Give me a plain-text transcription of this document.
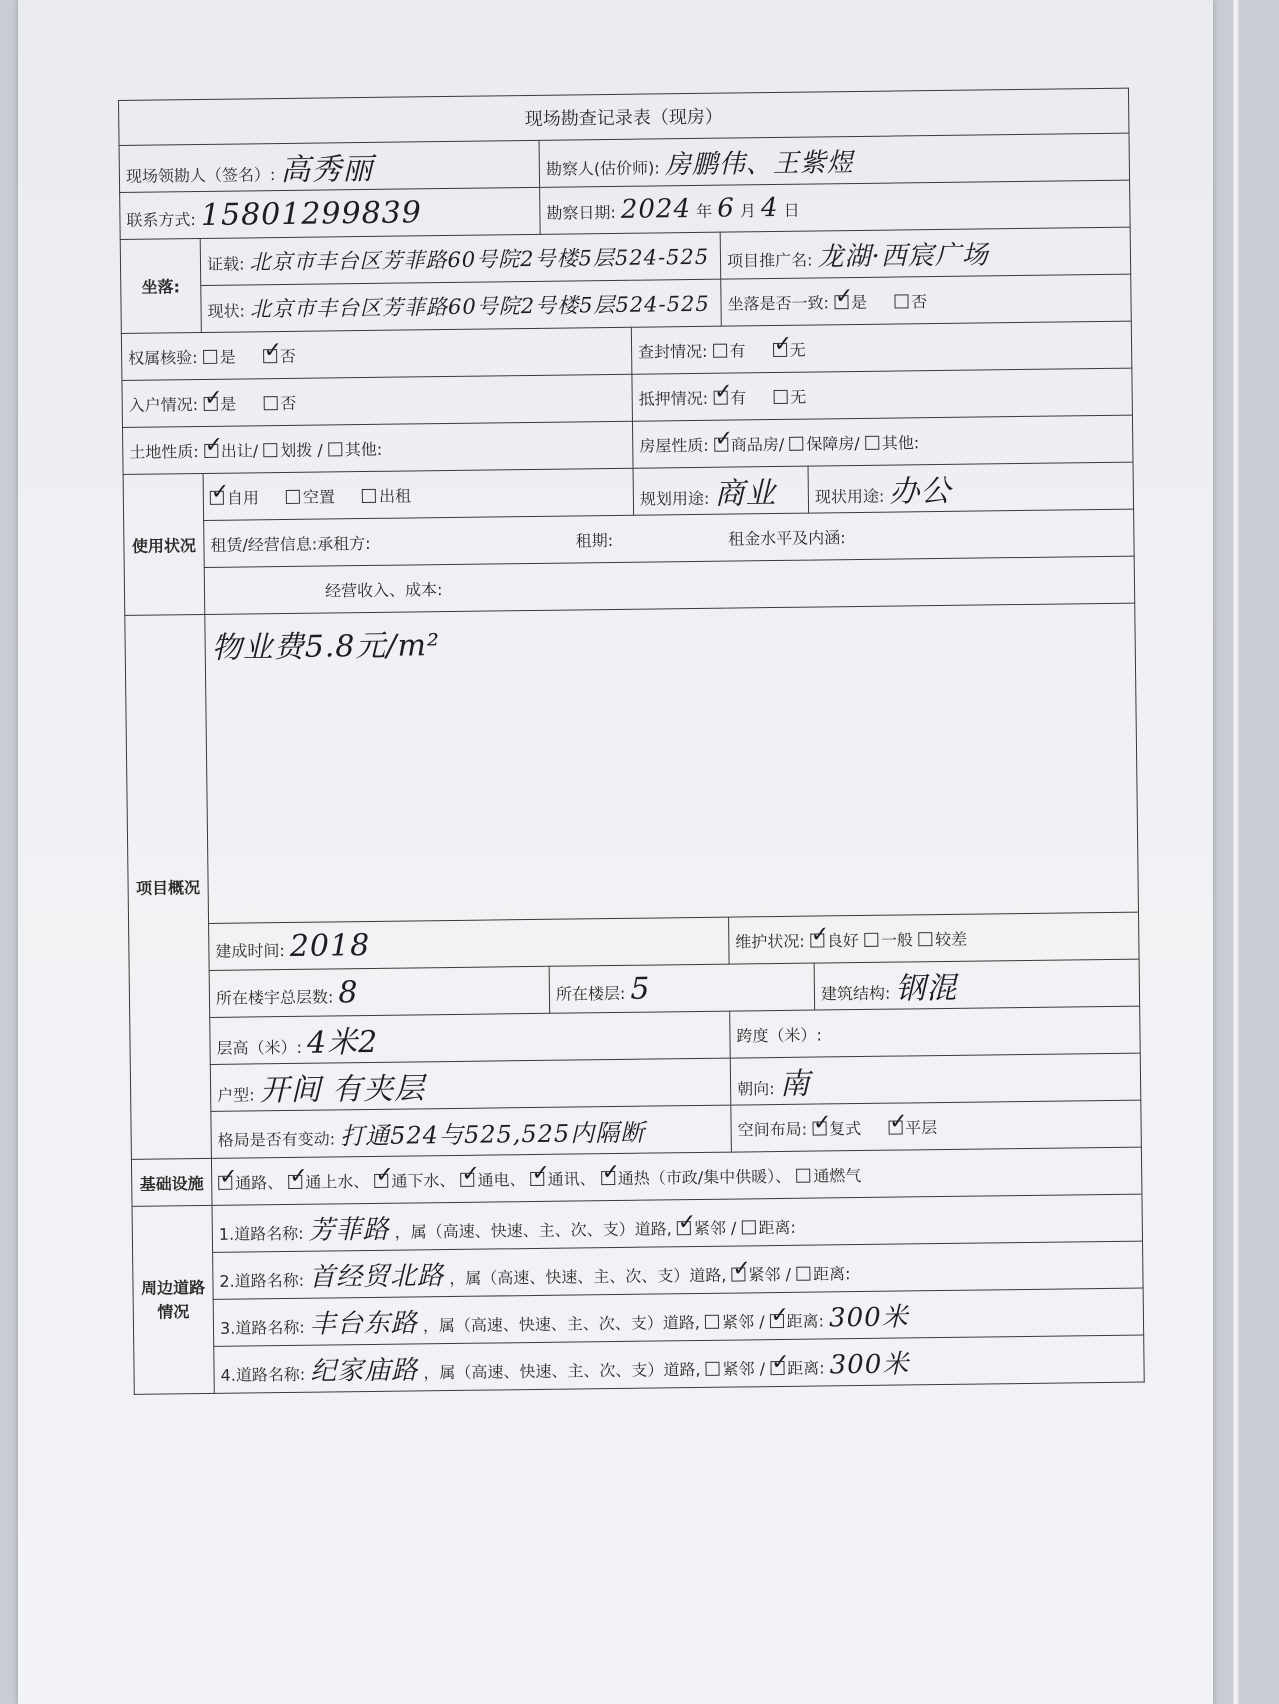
现场勘查记录表（现房）					
现场领勘人（签名）: 高秀丽		勘察人(估价师): 房鹏伟、王紫煜			
联系方式: 15801299839		勘察日期: 2024 年 6 月 4 日			
坐落:	证载: 北京市丰台区芳菲路60号院2号楼5层524-525			项目推广名: 龙湖·西宸广场	
	现状: 北京市丰台区芳菲路60号院2号楼5层524-525			坐落是否一致: ✓ 是 否
权属核验: 是 ✓ 否			查封情况: 有 ✓ 无
入户情况: ✓ 是 否			抵押情况: ✓ 有 无
土地性质: ✓ 出让/ 划拨 / 其他:			房屋性质: ✓ 商品房/ 保障房/ 其他:
使用状况	✓自用 空置 出租		规划用途: 商业		现状用途: 办公
	租赁/经营信息:承租方: 租期: 租金水平及内涵:				
	经营收入、成本:				
项目概况	物业费5.8元/m²				
	建成时间: 2018			维护状况: ✓ 良好 一般 较差
	所在楼宇总层数: 8	所在楼层: 5			建筑结构: 钢混
	层高（米）: 4米2			跨度（米）:	
	户型: 开间 有夹层			朝向: 南	
	格局是否有变动: 打通524与525,525内隔断			空间布局: ✓ 复式 ✓ 平层
基础设施	✓通路、 ✓ 通上水、 ✓ 通下水、 ✓ 通电、 ✓ 通讯、 ✓ 通热（市政/集中供暖）、 通燃气
周边道路情况	1.道路名称: 芳菲路 ，属（高速、快速、主、次、支）道路, ✓ 紧邻 / 距离:
	2.道路名称: 首经贸北路 ，属（高速、快速、主、次、支）道路, ✓ 紧邻 / 距离:
	3.道路名称: 丰台东路 ，属（高速、快速、主、次、支）道路, 紧邻 / ✓距离: 300米
	4.道路名称: 纪家庙路 ，属（高速、快速、主、次、支）道路, 紧邻 / ✓距离: 300米
